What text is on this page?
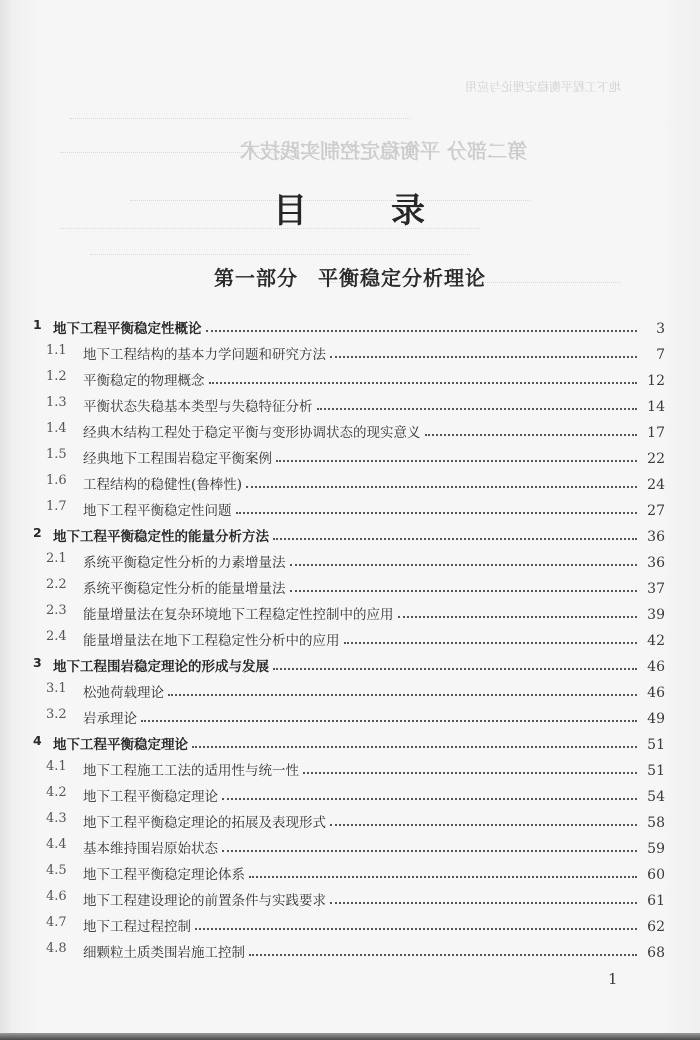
地下工程平衡稳定理论与应用
第二部分 平衡稳定控制实践技术
目 录
第一部分 平衡稳定分析理论
1 地下工程平衡稳定性概论	3
1.1 地下工程结构的基本力学问题和研究方法	7
1.2 平衡稳定的物理概念	12
1.3 平衡状态失稳基本类型与失稳特征分析	14
1.4 经典木结构工程处于稳定平衡与变形协调状态的现实意义	17
1.5 经典地下工程围岩稳定平衡案例	22
1.6 工程结构的稳健性(鲁棒性)	24
1.7 地下工程平衡稳定性问题	27
2 地下工程平衡稳定性的能量分析方法	36
2.1 系统平衡稳定性分析的力素增量法	36
2.2 系统平衡稳定性分析的能量增量法	37
2.3 能量增量法在复杂环境地下工程稳定性控制中的应用	39
2.4 能量增量法在地下工程稳定性分析中的应用	42
3 地下工程围岩稳定理论的形成与发展	46
3.1 松弛荷载理论	46
3.2 岩承理论	49
4 地下工程平衡稳定理论	51
4.1 地下工程施工工法的适用性与统一性	51
4.2 地下工程平衡稳定理论	54
4.3 地下工程平衡稳定理论的拓展及表现形式	58
4.4 基本维持围岩原始状态	59
4.5 地下工程平衡稳定理论体系	60
4.6 地下工程建设理论的前置条件与实践要求	61
4.7 地下工程过程控制	62
4.8 细颗粒土质类围岩施工控制	68
1
